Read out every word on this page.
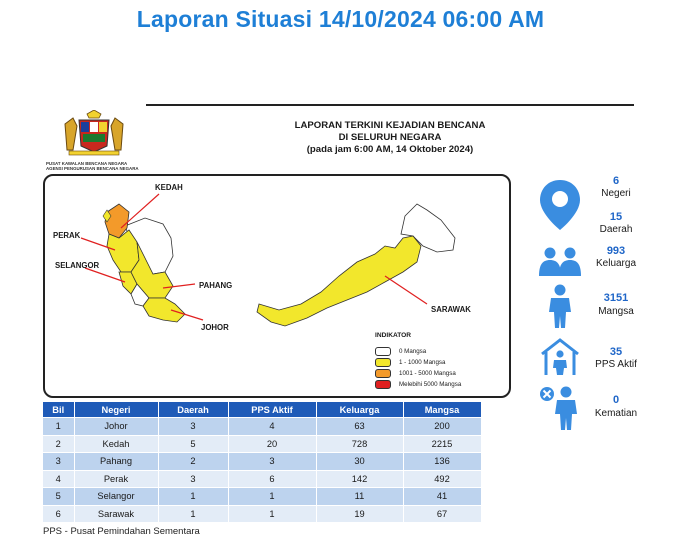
Laporan Situasi 14/10/2024 06:00 AM
PUSAT KAWALAN BENCANA NEGARA
AGENSI PENGURUSAN BENCANA NEGARA
LAPORAN TERKINI KEJADIAN BENCANA
DI SELURUH NEGARA
(pada jam 6:00 AM, 14 Oktober 2024)
KEDAH
PERAK
SELANGOR
PAHANG
JOHOR
SARAWAK
INDIKATOR
0 Mangsa
1 - 1000 Mangsa
1001 - 5000 Mangsa
Melebihi 5000 Mangsa
6
Negeri
15
Daerah
993
Keluarga
3151
Mangsa
35
PPS Aktif
0
Kematian
Bil	Negeri	Daerah	PPS Aktif	Keluarga	Mangsa
1	Johor	3	4	63	200
2	Kedah	5	20	728	2215
3	Pahang	2	3	30	136
4	Perak	3	6	142	492
5	Selangor	1	1	11	41
6	Sarawak	1	1	19	67
PPS - Pusat Pemindahan Sementara
